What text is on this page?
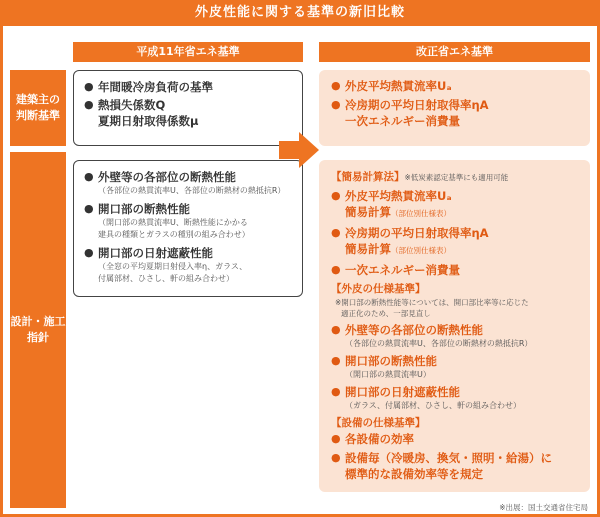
外皮性能に関する基準の新旧比較
平成11年省エネ基準	改正省エネ基準
建築主の
判断基準
設計・施工
指針
● 年間暖冷房負荷の基準
● 熱損失係数Q
夏期日射取得係数μ
● 外壁等の各部位の断熱性能
（各部位の熱貫流率U、各部位の断熱材の熱抵抗R）
● 開口部の断熱性能
（開口部の熱貫流率U、断熱性能にかかる
建具の種類とガラスの種別の組み合わせ）
● 開口部の日射遮蔽性能
（全窓の平均夏期日射侵入率η、ガラス、
付属部材、ひさし、軒の組み合わせ）
● 外皮平均熱貫流率Uₐ
● 冷房期の平均日射取得率ηA
一次エネルギー消費量
【簡易計算法】※低炭素認定基準にも適用可能
● 外皮平均熱貫流率Uₐ
簡易計算（部位別仕様表）
● 冷房期の平均日射取得率ηA
簡易計算（部位別仕様表）
● 一次エネルギー消費量
【外皮の仕様基準】
※開口部の断熱性能等については、開口部比率等に応じた
適正化のため、一部見直し
● 外壁等の各部位の断熱性能
（各部位の熱貫流率U、各部位の断熱材の熱抵抗R）
● 開口部の断熱性能
（開口部の熱貫流率U）
● 開口部の日射遮蔽性能
（ガラス、付属部材、ひさし、軒の組み合わせ）
【設備の仕様基準】
● 各設備の効率
● 設備毎（冷暖房、換気・照明・給湯）に
標準的な設備効率等を規定
※出展：国土交通省住宅局
